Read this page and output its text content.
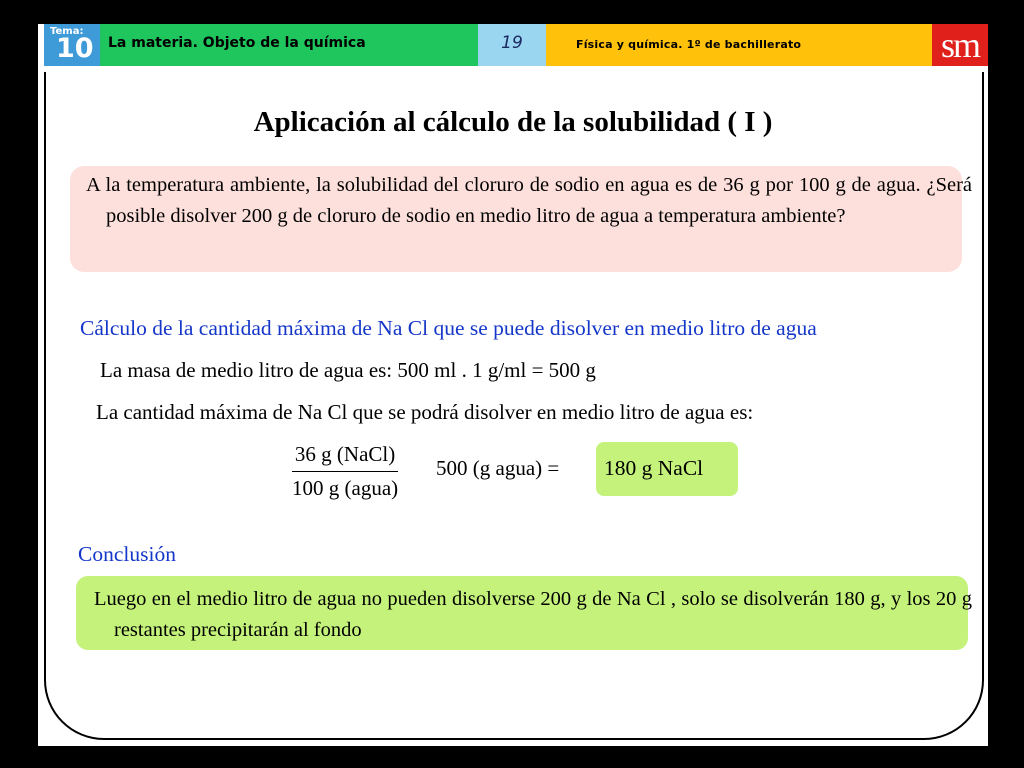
Tema:
10 La materia. Objeto de la química	19	Física y química. 1º de bachillerato	sm
Aplicación al cálculo de la solubilidad ( I )
A la temperatura ambiente, la solubilidad del cloruro de sodio en agua es de 36 g por 100 g de agua. ¿Será posible disolver 200 g de cloruro de sodio en medio litro de agua a temperatura ambiente?
Cálculo de la cantidad máxima de Na Cl que se puede disolver en medio litro de agua
La masa de medio litro de agua es: 500 ml . 1 g/ml = 500 g
La cantidad máxima de Na Cl que se podrá disolver en medio litro de agua es:
36 g (NaCl)
100 g (agua)
500 (g agua) = 180 g NaCl
Conclusión
Luego en el medio litro de agua no pueden disolverse 200 g de Na Cl , solo se disolverán 180 g, y los 20 g restantes precipitarán al fondo
